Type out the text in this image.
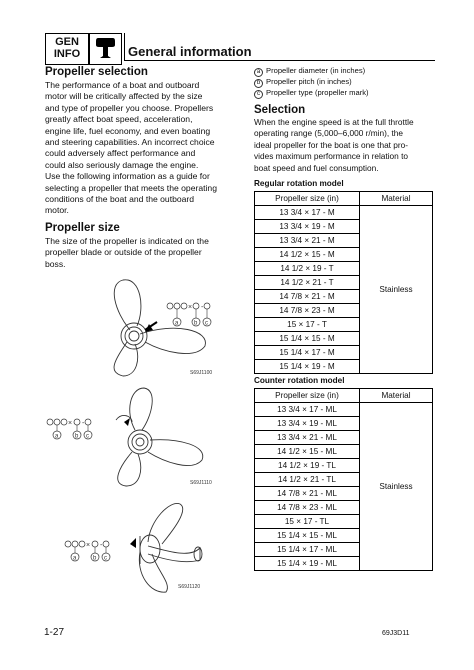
GEN
INFO	General information
Propeller selection
The performance of a boat and outboard
motor will be critically affected by the size
and type of propeller you choose. Propellers
greatly affect boat speed, acceleration,
engine life, fuel economy, and even boating
and steering capabilities. An incorrect choice
could adversely affect performance and
could also seriously damage the engine.
Use the following information as a guide for
selecting a propeller that meets the operating
conditions of the boat and the outboard
motor.
Propeller size
The size of the propeller is indicated on the
propeller blade or outside of the propeller
boss.
× -
a	b c
S69J1100
× -
a	b c
S69J1110
× -
a	b c
S69J1120
a Propeller diameter (in inches)
b Propeller pitch (in inches)
c Propeller type (propeller mark)
Selection
When the engine speed is at the full throttle
operating range (5,000–6,000 r/min), the
ideal propeller for the boat is one that pro-
vides maximum performance in relation to
boat speed and fuel consumption.
Regular rotation model
Propeller size (in)	Material
13 3/4 × 17 - M	Stainless
13 3/4 × 19 - M	
13 3/4 × 21 - M	
14 1/2 × 15 - M	
14 1/2 × 19 - T	
14 1/2 × 21 - T	
14 7/8 × 21 - M	
14 7/8 × 23 - M	
15 × 17 - T	
15 1/4 × 15 - M	
15 1/4 × 17 - M	
15 1/4 × 19 - M	
Counter rotation model
Propeller size (in)	Material
13 3/4 × 17 - ML	Stainless
13 3/4 × 19 - ML	
13 3/4 × 21 - ML	
14 1/2 × 15 - ML	
14 1/2 × 19 - TL	
14 1/2 × 21 - TL	
14 7/8 × 21 - ML	
14 7/8 × 23 - ML	
15 × 17 - TL	
15 1/4 × 15 - ML	
15 1/4 × 17 - ML	
15 1/4 × 19 - ML	
1-27	69J3D11
